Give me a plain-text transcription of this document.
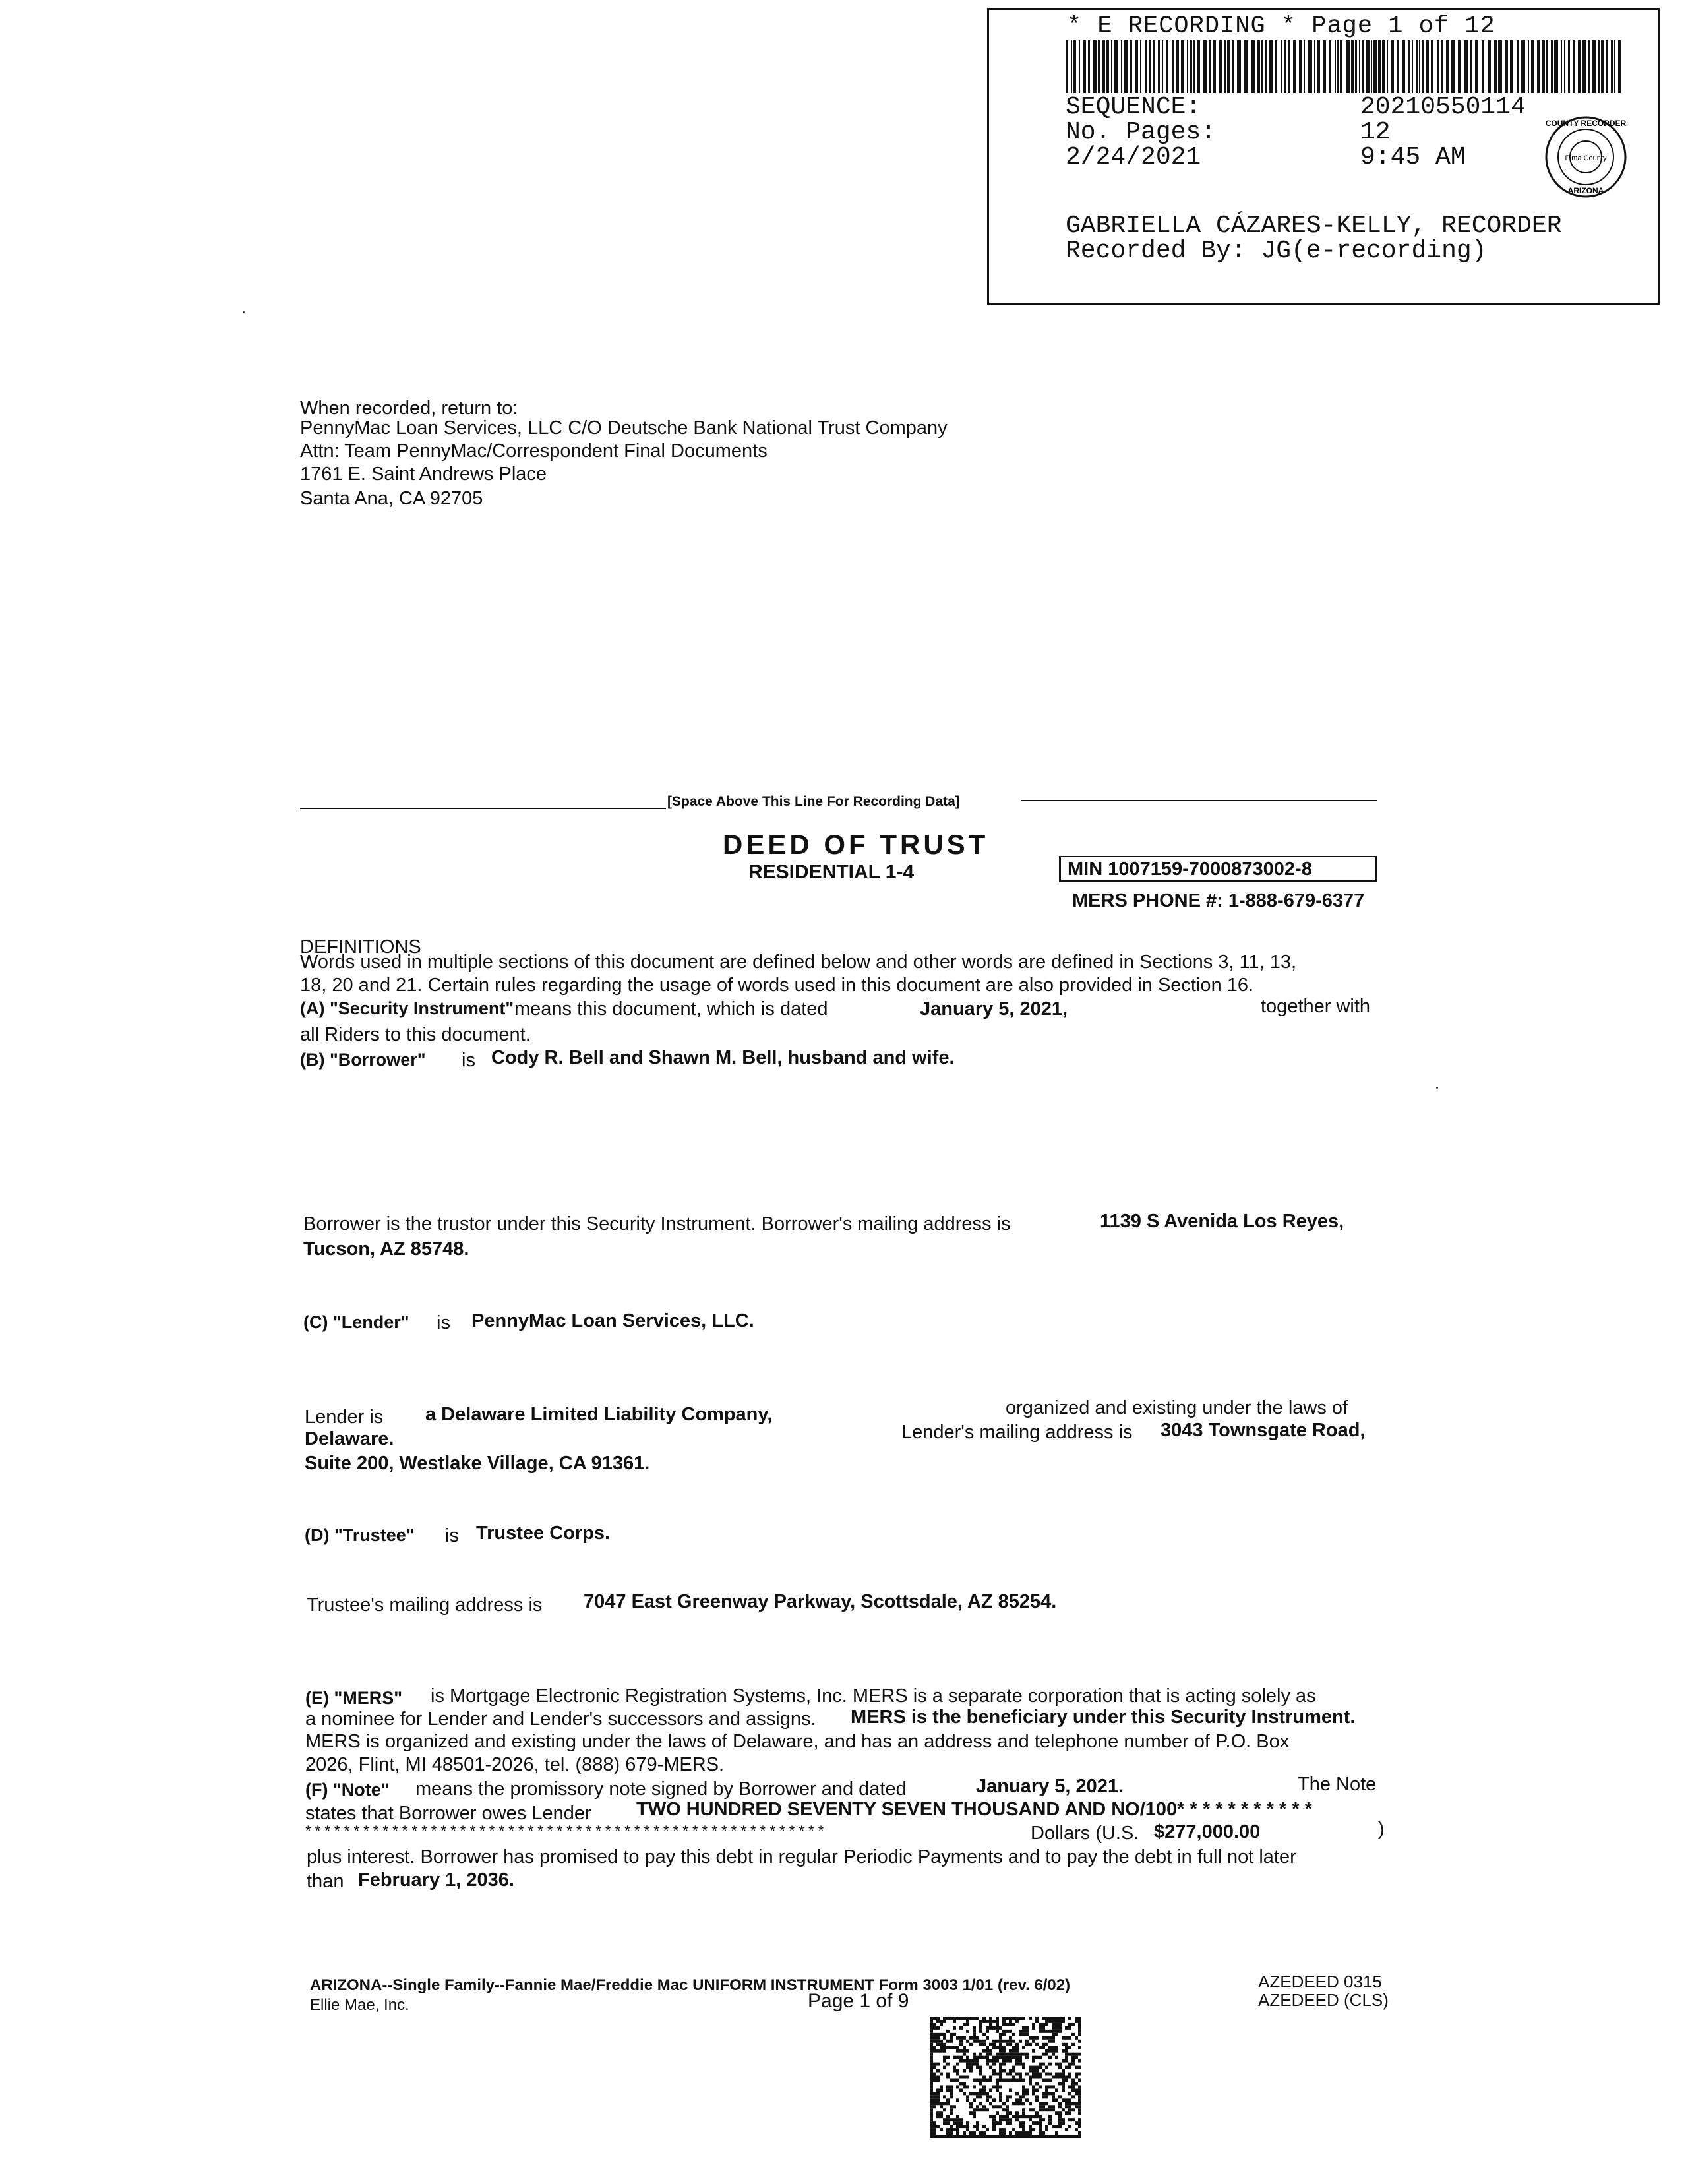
* E RECORDING * Page 1 of 12
SEQUENCE:	20210550114
No. Pages:	12
2/24/2021	9:45 AM
COUNTY RECORDER
Pima County
ARIZONA
GABRIELLA CÁZARES-KELLY, RECORDER
Recorded By: JG(e-recording)
When recorded, return to:
PennyMac Loan Services, LLC C/O Deutsche Bank National Trust Company
Attn: Team PennyMac/Correspondent Final Documents
1761 E. Saint Andrews Place
Santa Ana, CA 92705
[Space Above This Line For Recording Data]
DEED OF TRUST
RESIDENTIAL 1-4	MIN 1007159-7000873002-8
MERS PHONE #: 1-888-679-6377
DEFINITIONS
Words used in multiple sections of this document are defined below and other words are defined in Sections 3, 11, 13,
18, 20 and 21. Certain rules regarding the usage of words used in this document are also provided in Section 16.
(A) "Security Instrument" means this document, which is dated	January 5, 2021,	together with
all Riders to this document.
(B) "Borrower" is Cody R. Bell and Shawn M. Bell, husband and wife.
Borrower is the trustor under this Security Instrument. Borrower's mailing address is	1139 S Avenida Los Reyes,
Tucson, AZ 85748.
(C) "Lender" is PennyMac Loan Services, LLC.
Lender is a Delaware Limited Liability Company,	organized and existing under the laws of
Delaware.	Lender's mailing address is 3043 Townsgate Road,
Suite 200, Westlake Village, CA 91361.
(D) "Trustee" is Trustee Corps.
Trustee's mailing address is 7047 East Greenway Parkway, Scottsdale, AZ 85254.
(E) "MERS" is Mortgage Electronic Registration Systems, Inc. MERS is a separate corporation that is acting solely as
a nominee for Lender and Lender's successors and assigns. MERS is the beneficiary under this Security Instrument.
MERS is organized and existing under the laws of Delaware, and has an address and telephone number of P.O. Box
2026, Flint, MI 48501-2026, tel. (888) 679-MERS.
(F) "Note" means the promissory note signed by Borrower and dated	January 5, 2021.	The Note
states that Borrower owes Lender TWO HUNDRED SEVENTY SEVEN THOUSAND AND NO/100* * * * * * * * * * *
* * * * * * * * * * * * * * * * * * * * * * * * * * * * * * * * * * * * * * * * * * * * * * * * * * * * * *	Dollars (U.S. $277,000.00	)
plus interest. Borrower has promised to pay this debt in regular Periodic Payments and to pay the debt in full not later
than February 1, 2036.
ARIZONA--Single Family--Fannie Mae/Freddie Mac UNIFORM INSTRUMENT Form 3003 1/01 (rev. 6/02)
Ellie Mae, Inc.	Page 1 of 9
AZEDEED 0315
AZEDEED (CLS)
